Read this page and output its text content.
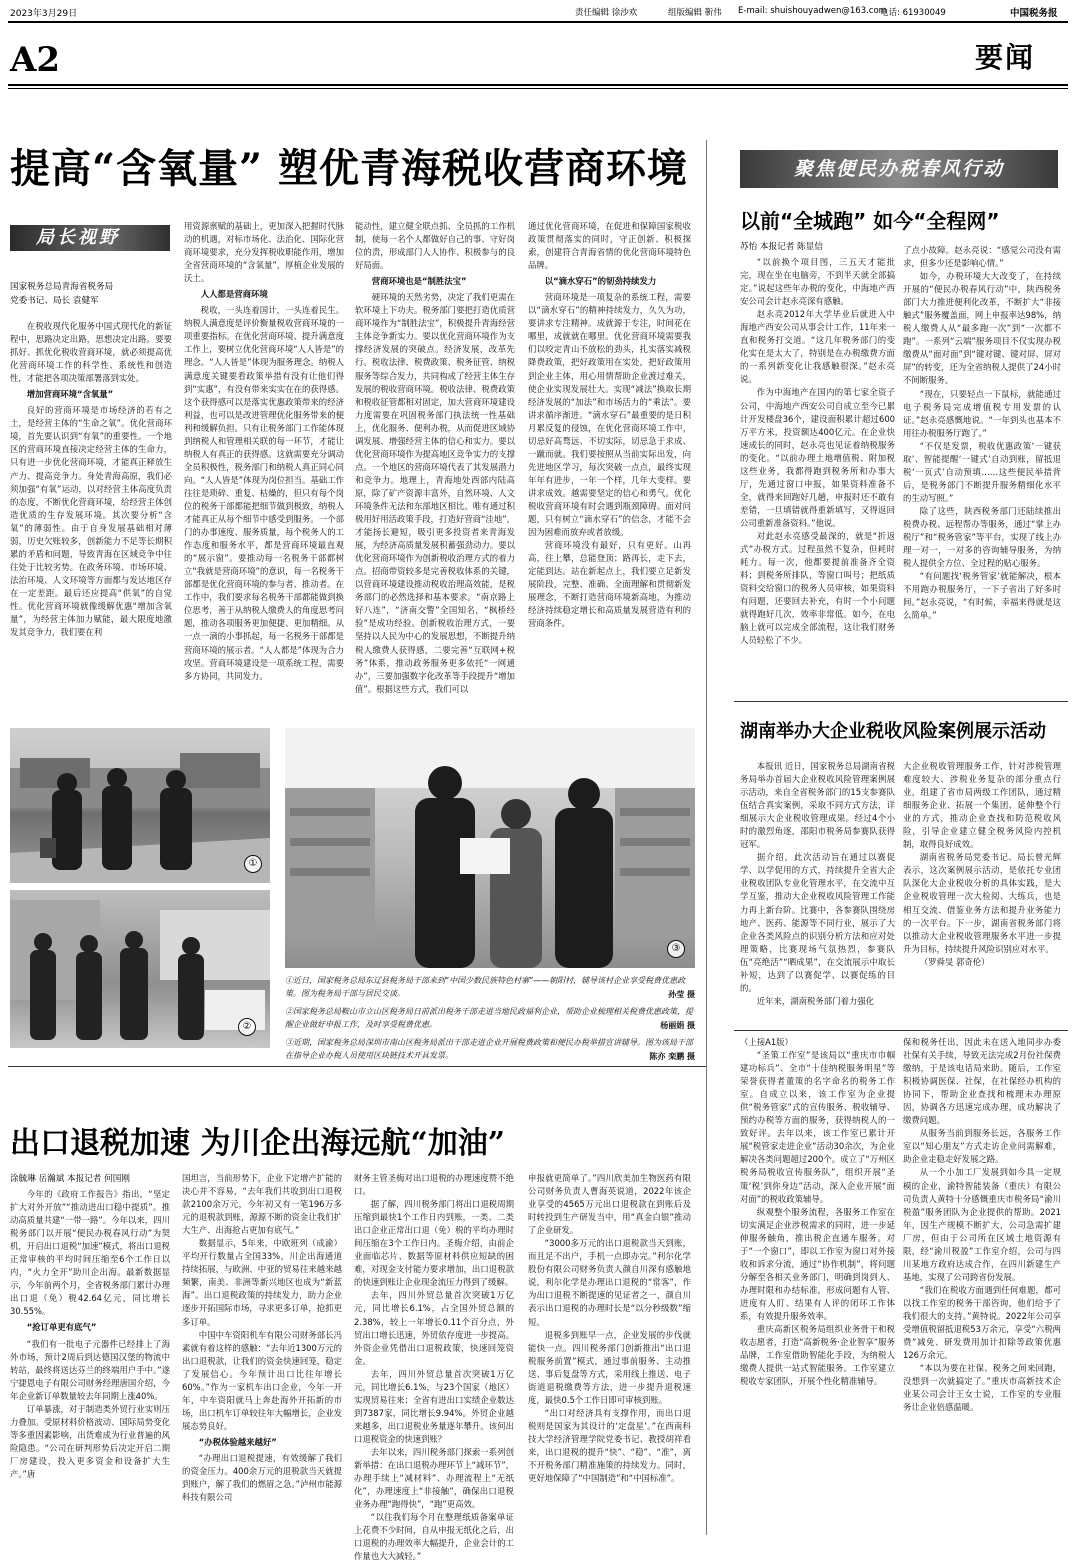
2023年3月29日	责任编辑 徐沙欢	组版编辑 靳伟 E-mail: shuishouyadwen@163.com
电话: 61930049	中国税务报
A2	要闻
提高“含氧量” 塑优青海税收营商环境
局长视野
国家税务总局青海省税务局
党委书记、局长 袁健军

在税收现代化服务中国式现代化的新征程中，思路决定出路，思想决定出路。要要抓好、抓优化税收营商环境，就必须提高优化营商环境工作的科学性、系统性和创造性，才能把各项决策部署落到实处。

增加营商环境“含氧量”

良好的营商环境是市场经济的若有之土，是经营主体的“生命之氧”。优化营商环境，首先要认识到“有氧”的重要性。一个地区的营商环境直接决定经营主体的生命力，只有进一步优化营商环境，才能真正释放生产力、提高竞争力。身处青海高原，我们必须加强“有氧”运动，以对经营主体高度负责的态度，不断优化营商环境，给经营主体创造优质的生存发展环境。其次要分析“含氧”的薄弱性。由于自身发展基础相对薄弱，历史欠账较多，创新能力不足等长期积累的矛盾和问题，导致青海在区域竞争中往往处于比较劣势。在政务环境、市场环境、法治环境、人文环境等方面都与发达地区存在一定差距。最后还应提高“供氧”的自觉性。优化营商环境就像缓解优惠“增加含氧量”，为经营主体加力赋能，最大限度地激发其竞争力，我们要在利

用资源禀赋的基础上，更加深入把握时代脉动的机遇，对标市场化、法治化、国际化营商环境要求，充分发挥税收职能作用，增加全省营商环境的“含氧量”，厚植企业发展的沃土。

人人都是营商环境

税收，一头连着国计，一头连着民生。纳税人满意度是评价衡量税收营商环境的一项重要指标。在优化营商环境、提升满意度工作上，要树立优化营商环境“人人皆是”的理念。“人人皆是”体现为服务理念。纳税人满意度关键要看政策举措有没有让他们得到“实惠”，有没有带来实实在在的获得感。这个获得感可以是落实优惠政策带来的经济利益，也可以是改进管理优化服务带来的便利和缓解负担。只有让税务部门工作能体现到纳税人和管理相关联的每一环节，才能让纳税人有真正的获得感。这就需要充分调动全员积极性，税务部门和纳税人真正同心同向。“人人皆是”体现为岗位担当。基础工作往往是琐碎、重复、枯燥的，但只有每个岗位的税务干部都能把细节做到极致，纳税人才能真正从每个细节中感受到服务。一个部门的办事速度、服务质量，每个税务人的工作态度和服务水平，都是营商环境最直观的“展示窗”。要推动每一名税务干部都树立“我就是营商环境”的意识，每一名税务干部都是优化营商环境的参与者、推动者。在工作中，我们要求每名税务干部都能做到换位思考，善于从纳税人缴费人的角度思考问题，推动各项服务更加便捷、更加精细。从一点一滴的小事抓起，每一名税务干部都是营商环境的展示者。“人人都是”体现为合力攻坚。营商环境建设是一项系统工程，需要多方协同，共同发力。

能动性，建立健全联点抓、全员抓的工作机制，使每一名个人都做好自己的事、守好岗位的责，形成部门人人协作、积极参与的良好局面。

营商环境也是“制胜法宝”

硬环境的天然劣势，决定了我们更需在软环境上下功夫。税务部门要把打造优质营商环境作为“制胜法宝”，积极提升青海经营主体竞争新实力。要以优化营商环境作为支撑经济发展的突破点。经济发展，改革先行。税收法律、税费政策、税务征管、纳税服务等综合发力，共同构成了经营主体生存发展的税收营商环境。税收法律、税费政策和税收征管都相对固定，加大营商环境建设力度需要在巩固税务部门执法统一性基础上，优化服务、便利办税，从而促进区域协调发展、增强经营主体的信心和实力。要以优化营商环境作为提高地区竞争实力的支撑点。一个地区的营商环境代表了其发展潜力和竞争力。地理上，青海地处西部内陆高原，除了矿产资源丰富外，自然环境、人文环境条件无法和东部地区相比。唯有通过积极用好用活政策手段，打造好营商“洼地”，才能扬长避短，吸引更多投资者来青海发展，为经济高质量发展积蓄强劲动力。要以优化营商环境作为创新税收治理方式的着力点。招商带资较多是完善税收体系的关键，以营商环境建设推动税收治理高效能，是税务部门的必然选择和基本要求。“南京路上好八连”，“济南交警”全国知名，“枫桥经验”是成功经验。创新税收治理方式，一要坚持以人民为中心的发展思想，不断提升纳税人缴费人获得感，二要完善“互联网+税务”体系，推动政务服务更多依托“一网通办”，三要加强数字化改革等手段提升“增加值”。根据这些方式，我们可以

通过优化营商环境，在促进和保障国家税收政策贯彻落实的同时，守正创新、积极探索，创建符合青海省情的优化营商环境特色品牌。

以“滴水穿石”的韧劲持续发力

营商环境是一项复杂的系统工程，需要以“滴水穿石”的精神持续发力，久久为功，要讲求专注精神。成就源于专注，时间花在哪里，成就就在哪里。优化营商环境需要我们以咬定青山不放松的劲头，扎实落实减税降费政策，把好政策用在实处，把好政策用到企业主体，用心用情帮助企业渡过难关，使企业实现发展壮大。实现“减法”换取长期经济发展的“加法”和市场活力的“乘法”。要讲求循序渐进。“滴水穿石”最重要的是日积月累反复的侵蚀，在优化营商环境工作中，切忌好高骛远、不切实际，切忌急于求成、一蹴而就。我们要按照从当前实际出发，向先进地区学习，每次突破一点点，最终实现年年有进步，一年一个样，几年大变样。要讲求成效。越需要坚定的信心和勇气。优化税收营商环境有时会遇到瓶颈障碍。面对问题，只有树立“滴水穿石”的信念，才能不会因为困难而放弃或者放缓。

营商环境没有最好，只有更好。山再高，往上攀，总能登顶；路再长，走下去，定能到达。站在新起点上，我们要立足新发展阶段，完整、准确、全面理解和贯彻新发展理念，不断打造营商环境新高地，为推动经济持续稳定增长和高质量发展营造有利的营商条件。

聚焦便民办税春风行动
以前“全城跑” 如今“全程网”
苏怡 本报记者 陈显信

“以前换个项目图，三五天才能批完，现在坐在电脑旁，不到半天就全部搞定。”说起这些年办税的变化，中海地产西安公司会计赵永亮深有感触。

赵永亮2012年大学毕业后就进入中海地产西安公司从事会计工作，11年来一直和税务打交道。“这几年税务部门的变化实在是太大了，特别是在办税缴费方面的一系列新变化让我感触很深。”赵永亮说。

作为中海地产在国内的第七家全资子公司，中海地产西安公司自成立至今已累计开发楼盘36个，建设面积累计超过600万平方米，投资额达400亿元。在企业快速成长的同时，赵永亮也见证着纳税服务的变化。“以前办理土地增值税、附加税这些业务，我都得跑到税务所和办事大厅，先通过窗口申报，如果资料准备不全，就得来回跑好几趟，申报时还不敢有差错，一旦填错就得重新填写，又得返回公司重新准备资料。”他说。

对此赵永亮感受最深的，就是“折返式”办税方式。过程虽然不复杂，但耗时耗力。每一次，他都要提前准备齐全资料；到税务所排队，等窗口叫号；把纸质资料交给窗口的税务人员审核，如果资料有问题，还要回去补充，有时一个小问题就得跑好几次，效率非常低。如今，在电脑上就可以完成全部流程，这让我们财务人员轻松了不少。

了点小故障。赵永亮说：“感觉公司没有需求，但多少还是影响心情。”

如今，办税环境大大改变了，在持续开展的“便民办税春风行动”中，陕西税务部门大力推进便利化改革，不断扩大“非接触式”服务覆盖面，网上申报率达98%，纳税人缴费人从“最多跑一次”到“一次都不跑”。一系列“云端”服务项目不仅实现办税缴费从“面对面”到“键对键、键对屏、屏对屏”的转变，还为全省纳税人提供了24小时不间断服务。

“现在，只要轻点一下鼠标，就能通过电子税务局完成增值税专用发票的认证。”赵永亮感慨地说。“一年到头也基本不用往办税服务厅跑了。”

“不仅是发票，税收优惠政策‘一键获取’、智能提醒‘一键式’自动到账，留抵退税‘一页式’自动预填……这些便民举措背后，是税务部门不断提升服务精细化水平的生动写照。”

除了这些，陕西税务部门还陆续推出税费办税、远程帮办等服务，通过“掌上办税厅”和“税务管家”等平台，实现了线上办理一对一，一对多的咨询辅导服务，为纳税人提供全方位、全过程的贴心服务。

“有问题找‘税务管家’就能解决，根本不用跑办税服务厅，一下子省出了好多时间。”赵永亮说，“有时候，幸福来得就是这么简单。”

湖南举办大企业税收风险案例展示活动

本报讯 近日，国家税务总局湖南省税务局举办首届大企业税收风险管理案例展示活动，来自全省税务部门的15支参赛队伍结合真实案例，采取不同方式方法，详细展示大企业税收管理成果。经过4个小时的激烈角逐，邵阳市税务局参赛队获得冠军。

据介绍，此次活动旨在通过以赛促学、以学促用的方式，持续提升全省大企业税收团队专业化管理水平，在交流中互学互鉴，推动大企业税收风险管理工作能力再上新台阶。比赛中，各参赛队围绕房地产、医药、能源等不同行业，展示了大企业各类风险点的识别分析方法和应对处理策略，比赛现场气氛热烈，参赛队伍“亮绝活”“晒成果”，在交流展示中取长补短，达到了以赛促学、以赛促练的目的。

近年来，湖南税务部门着力强化

大企业税收管理服务工作，针对涉税管理难度较大、涉税业务复杂的部分重点行业，组建了省市局两级工作团队，通过精细服务企业、拓展一个集团、延伸整个行业的方式，推动企业查找和防范税收风险，引导企业建立健全税务风险内控机制，取得良好成效。

湖南省税务局党委书记、局长曾光辉表示，这次案例展示活动，是依托专业团队深化大企业税收分析的具体实践，是大企业税收管理一次大检阅、大练兵，也是相互交流、借鉴业务方法和提升业务能力的一次平台。下一步，湖南省税务部门将以推动大企业税收管理服务水平进一步提升为目标，持续提升风险识别应对水平。

（罗舜旻 郭奇伦）

①
②
③
①近日，国家税务总局东辽县税务局干部来到“中国少数民族特色村寨”——朝阳村，辅导该村企业享受税费优惠政策。图为税务局干部与居民交谈。	孙莹 摄
②国家税务总局鞍山市立山区税务局日前派出税务干部走进当地民政福利企业，帮助企业梳理相关税费优惠政策，提醒企业做好申报工作，及时享受税费优惠。	杨丽娟 摄
③近期，国家税务总局深圳市南山区税务局派出干部走进企业开展税费政策和便民办税举措宣讲辅导。图为该局干部在指导企业办税人员使用区块链技术开具发票。	陈亦 栾鹏 摄
出口退税加速 为川企出海远航“加油”
涂毓琳 岳瀚斌 本报记者 何国刚

今年的《政府工作报告》指出，“坚定扩大对外开放”“推动进出口稳中提质”。推动高质量共建“一带一路”。今年以来，四川税务部门以开展“便民办税春风行动”为契机，开启出口退税“加速”模式，将出口退税正常审核的平均时间压缩至6个工作日以内，“火力全开”助川企出海。最新数据显示，今年前两个月，全省税务部门累计办理出口退（免）税42.64亿元，同比增长30.55%。

“抢订单更有底气”

“我们有一批电子元器件已经排上了海外市场，预计2周后到达德国汉堡的物流中转站，最终将送达芬兰的终端用户手中。”遂宁捷恩电子有限公司财务经理唐国介绍，今年企业新订单数量较去年同期上涨40%。

订单暴涨，对于制造类外贸行业实则压力叠加。受原材料价格波动、国际局势变化等多重因素影响，出货难成为行业普遍的风险隐患。“公司在研判形势后决定开启二期厂房建设，投入更多资金和设备扩大生产。”唐

国坦言，当前形势下，企业下定增产扩能的决心并不容易，“去年我们共收到出口退税款2100余万元，今年初又有一笔196万多元的退税款到账，源源不断的资金让我们扩大生产、出海抢占更加有底气。”

数据显示，5年来，中欧班列（成渝）平均开行数量占全国33%，川企出海通道持续拓展，与欧洲、中亚的贸易往来越来越频繁，南美、非洲等新兴地区也成为“新蓝海”。出口退税政策的持续发力，助力企业逐步开拓国际市场，寻求更多订单，抢抓更多订单。

中国中车资阳机车有限公司财务部长冯素就有着这样的感触：“去年近1300万元的出口退税款，让我们的资金快速回笼，稳定了发展信心。今年预计出口比往年增长60%。”作为一家机车出口企业，今年一开年，中车资阳就马上奔赴海外开拓新的市场，出口机车订单较往年大幅增长，企业发展态势良好。

“办税体验越来越好”

“办理出口退税提速，有效缓解了我们的资金压力。400余万元的退税款当天就提到账户，解了我们的燃眉之急。”泸州市能源科技有限公司

财务主管圣梅对出口退税的办理速度赞不绝口。

据了解，四川税务部门将出口退税周期压缩到最快1个工作日内到账，一类、二类出口企业正常出口退（免）税的平均办理时间压缩在3个工作日内。圣梅介绍，由前企业面临芯片、数据等原材料供应短缺的困难，对现金支付能力要求增加，出口退税款的快速到账让企业现金流压力得到了缓解。

去年，四川外贸总量首次突破1万亿元，同比增长6.1%，占全国外贸总额的2.38%，较上一年增长0.11个百分点，外贸出口增长迅速，外贸依存度进一步提高。外资企业凭借出口退税政策，快速回笼资金。

去年，四川外贸总量首次突破1万亿元，同比增长6.1%，与23个国家（地区）实现贸易往来；全省有进出口实绩企业数达到7387家，同比增长9.94%。外贸企业越来越多，出口退税业务量逐年攀升。该何出口退税资金的快速到账？

去年以来，四川税务部门探索一系列创新举措：在出口退税办理环节上“减环节”，办理手续上“减材料”、办理流程上“无纸化”，办理速度上“非接触”，确保出口退税业务办理“跑得快”，“跑”更高效。

“以往我们每个月在整理纸质备案单证上花费不少时间，自从申报无纸化之后，出口退税的办理效率大幅提升，企业会计的工作量也大大减轻。”

申报就更简单了。”四川欣美加生物医药有限公司财务负责人曹海英说道，2022年该企业享受的4565万元出口退税款在到账后及时转投到生产研发当中，用“真金白银”推动了企业研发。

“3000多万元的出口退税款当天到账，而且足不出户，手机一点即办完。”利尔化学股份有限公司财务负责人颜自川深有感触地说，利尔化学是办理出口退税的“常客”，作为出口退税不断提速的见证者之一，颜自川表示出口退税的办理时长是“以分秒级数”缩短。

退税多到账早一点，企业发展的步伐就能快一点。四川税务部门创新推出“出口退税服务前置”模式，通过事前服务、主动推送、事后复盘等方式，采用线上推送、电子街道退税缴费等方法，进一步提升退税速度，最快0.5个工作日即可审核到账。

“出口对经济具有支撑作用，而出口退税则是国家为其设计的‘定盘星’。”在西南科技大学经济管理学院党委书记、教授胡祥看来，出口退税的提升“快”、“稳”、“准”，离不开税务部门精准施策的持续发力。同时，更好地保障了“中国制造”和“中国标准”。

（上接A1版）

“圣策工作室”是该局以“重庆市巾帼建功标兵”、全市“十佳纳税服务明星”等荣誉获得者董策的名字命名的税务工作室。自成立以来，该工作室为企业提供“税务管家”式的宣传服务、税收辅导、预约办税等方面的服务，获得纳税人的一致好评。去年以来，该工作室已累计开展“税管家走进企业”活动30余次，为企业解决各类问题超过200个。成立了“万州区税务局税收宣传服务队”，组织开展“圣策‘税’到你身边”活动，深入企业开展“面对面”的税收政策辅导。

纵观整个服务流程，各服务工作室在切实满足企业涉税需求的同时，进一步延伸服务触角，推出税企直通车服务。对于“一个窗口”，即以工作室为窗口对外接收和诉求分流，通过“协作机制”，将问题分解至各相关业务部门，明确到岗到人、办理时限和办结标准，形成问题有人管、进度有人盯、结果有人评的闭环工作体系，有效提升服务效率。

重庆高新区税务局组织业务骨干和税收志愿者，打造“高新税务·企业智享”服务品牌，工作室借助智能化手段，为纳税人缴费人提供一站式智能服务。工作室建立税收专家团队，开展个性化精准辅导。

保和税务任出，因此未在送入地同步办委社保有关手续，导致无法完成2月份社保费缴纳，于是该电话局来助。随后，工作室积极协调医保、社保，在社保经办机构的协同下，帮助企业查找和梳理未办理原因，协调各方迅速完成办理，成功解决了缴费问题。

从服务当前到服务长远，各服务工作室以“知心朋友”方式走访企业问需解难，助企业走稳走好发展之路。

从一个小加工厂发展到如今具一定规模的企业，渝特智能装备（重庆）有限公司负责人黄特十分感慨重庆市税务局“渝川税盈”服务团队为企业提供的帮助。2021年，因生产规模不断扩大，公司急需扩建厂房，但由于公司所在区域土地资源有限，经“渝川税盈”工作室介绍，公司与四川某地方政府达成合作，在四川新建生产基地，实现了公司跨省份发展。

“我们在税收方面遇到任何难题，都可以找工作室的税务干部咨询，他们给予了我们很大的支持。”黄特说。2022年公司享受增值税留抵退税53万余元，享受“六税两费”减免、研发费用加计扣除等政策优惠126万余元。

“本以为要在社保、税务之间来回跑，没想到一次就搞定了。”重庆市高新技术企业某公司会计王女士说，工作室的专业服务让企业倍感温暖。
